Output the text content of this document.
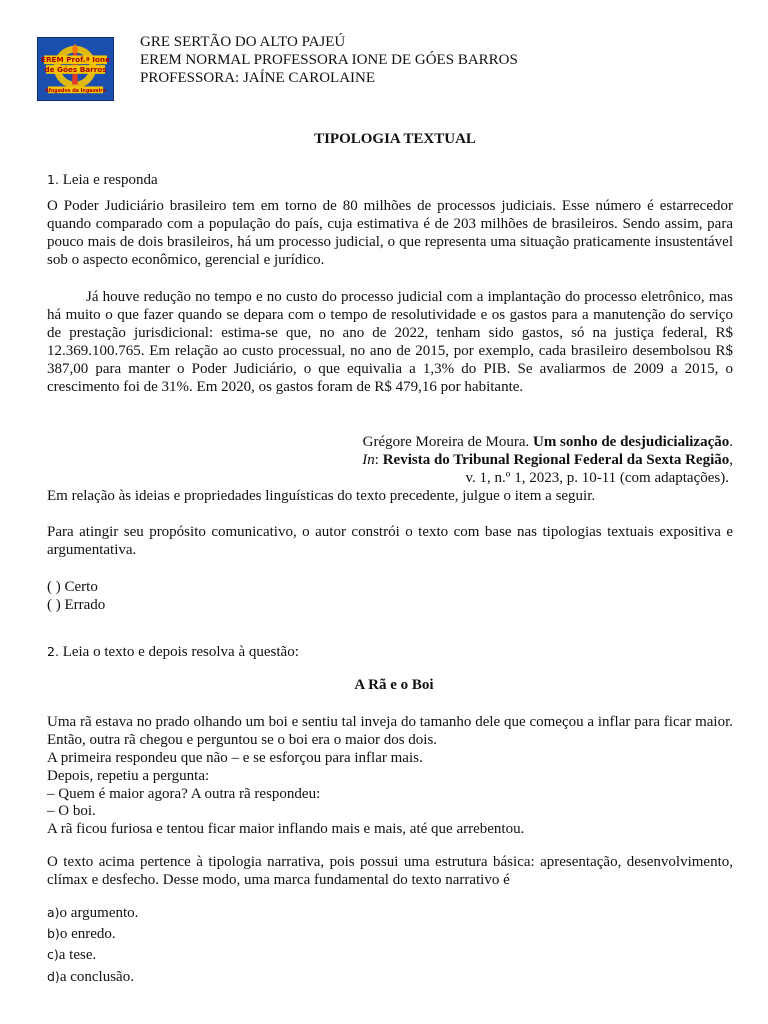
EREM Prof.ª Ione
de Góes Barros
Afogados da Ingazeira
GRE SERTÃO DO ALTO PAJEÚ
EREM NORMAL PROFESSORA IONE DE GÓES BARROS
PROFESSORA: JAÍNE CAROLAINE
TIPOLOGIA TEXTUAL
1. Leia e responda
O Poder Judiciário brasileiro tem em torno de 80 milhões de processos judiciais. Esse número é estarrecedor quando comparado com a população do país, cuja estimativa é de 203 milhões de brasileiros. Sendo assim, para pouco mais de dois brasileiros, há um processo judicial, o que representa uma situação praticamente insustentável sob o aspecto econômico, gerencial e jurídico.
Já houve redução no tempo e no custo do processo judicial com a implantação do processo eletrônico, mas há muito o que fazer quando se depara com o tempo de resolutividade e os gastos para a manutenção do serviço de prestação jurisdicional: estima-se que, no ano de 2022, tenham sido gastos, só na justiça federal, R$ 12.369.100.765. Em relação ao custo processual, no ano de 2015, por exemplo, cada brasileiro desembolsou R$ 387,00 para manter o Poder Judiciário, o que equivalia a 1,3% do PIB. Se avaliarmos de 2009 a 2015, o crescimento foi de 31%. Em 2020, os gastos foram de R$ 479,16 por habitante.
Grégore Moreira de Moura. Um sonho de desjudicialização.
In: Revista do Tribunal Regional Federal da Sexta Região,
v. 1, n.º 1, 2023, p. 10-11 (com adaptações).
Em relação às ideias e propriedades linguísticas do texto precedente, julgue o item a seguir.
Para atingir seu propósito comunicativo, o autor constrói o texto com base nas tipologias textuais expositiva e argumentativa.
( ) Certo
( ) Errado
2. Leia o texto e depois resolva à questão:
A Rã e o Boi
Uma rã estava no prado olhando um boi e sentiu tal inveja do tamanho dele que começou a inflar para ficar maior. Então, outra rã chegou e perguntou se o boi era o maior dos dois.
A primeira respondeu que não – e se esforçou para inflar mais.
Depois, repetiu a pergunta:
– Quem é maior agora? A outra rã respondeu:
– O boi.
A rã ficou furiosa e tentou ficar maior inflando mais e mais, até que arrebentou.
O texto acima pertence à tipologia narrativa, pois possui uma estrutura básica: apresentação, desenvolvimento, clímax e desfecho. Desse modo, uma marca fundamental do texto narrativo é
a)o argumento.
b)o enredo.
c)a tese.
d)a conclusão.
